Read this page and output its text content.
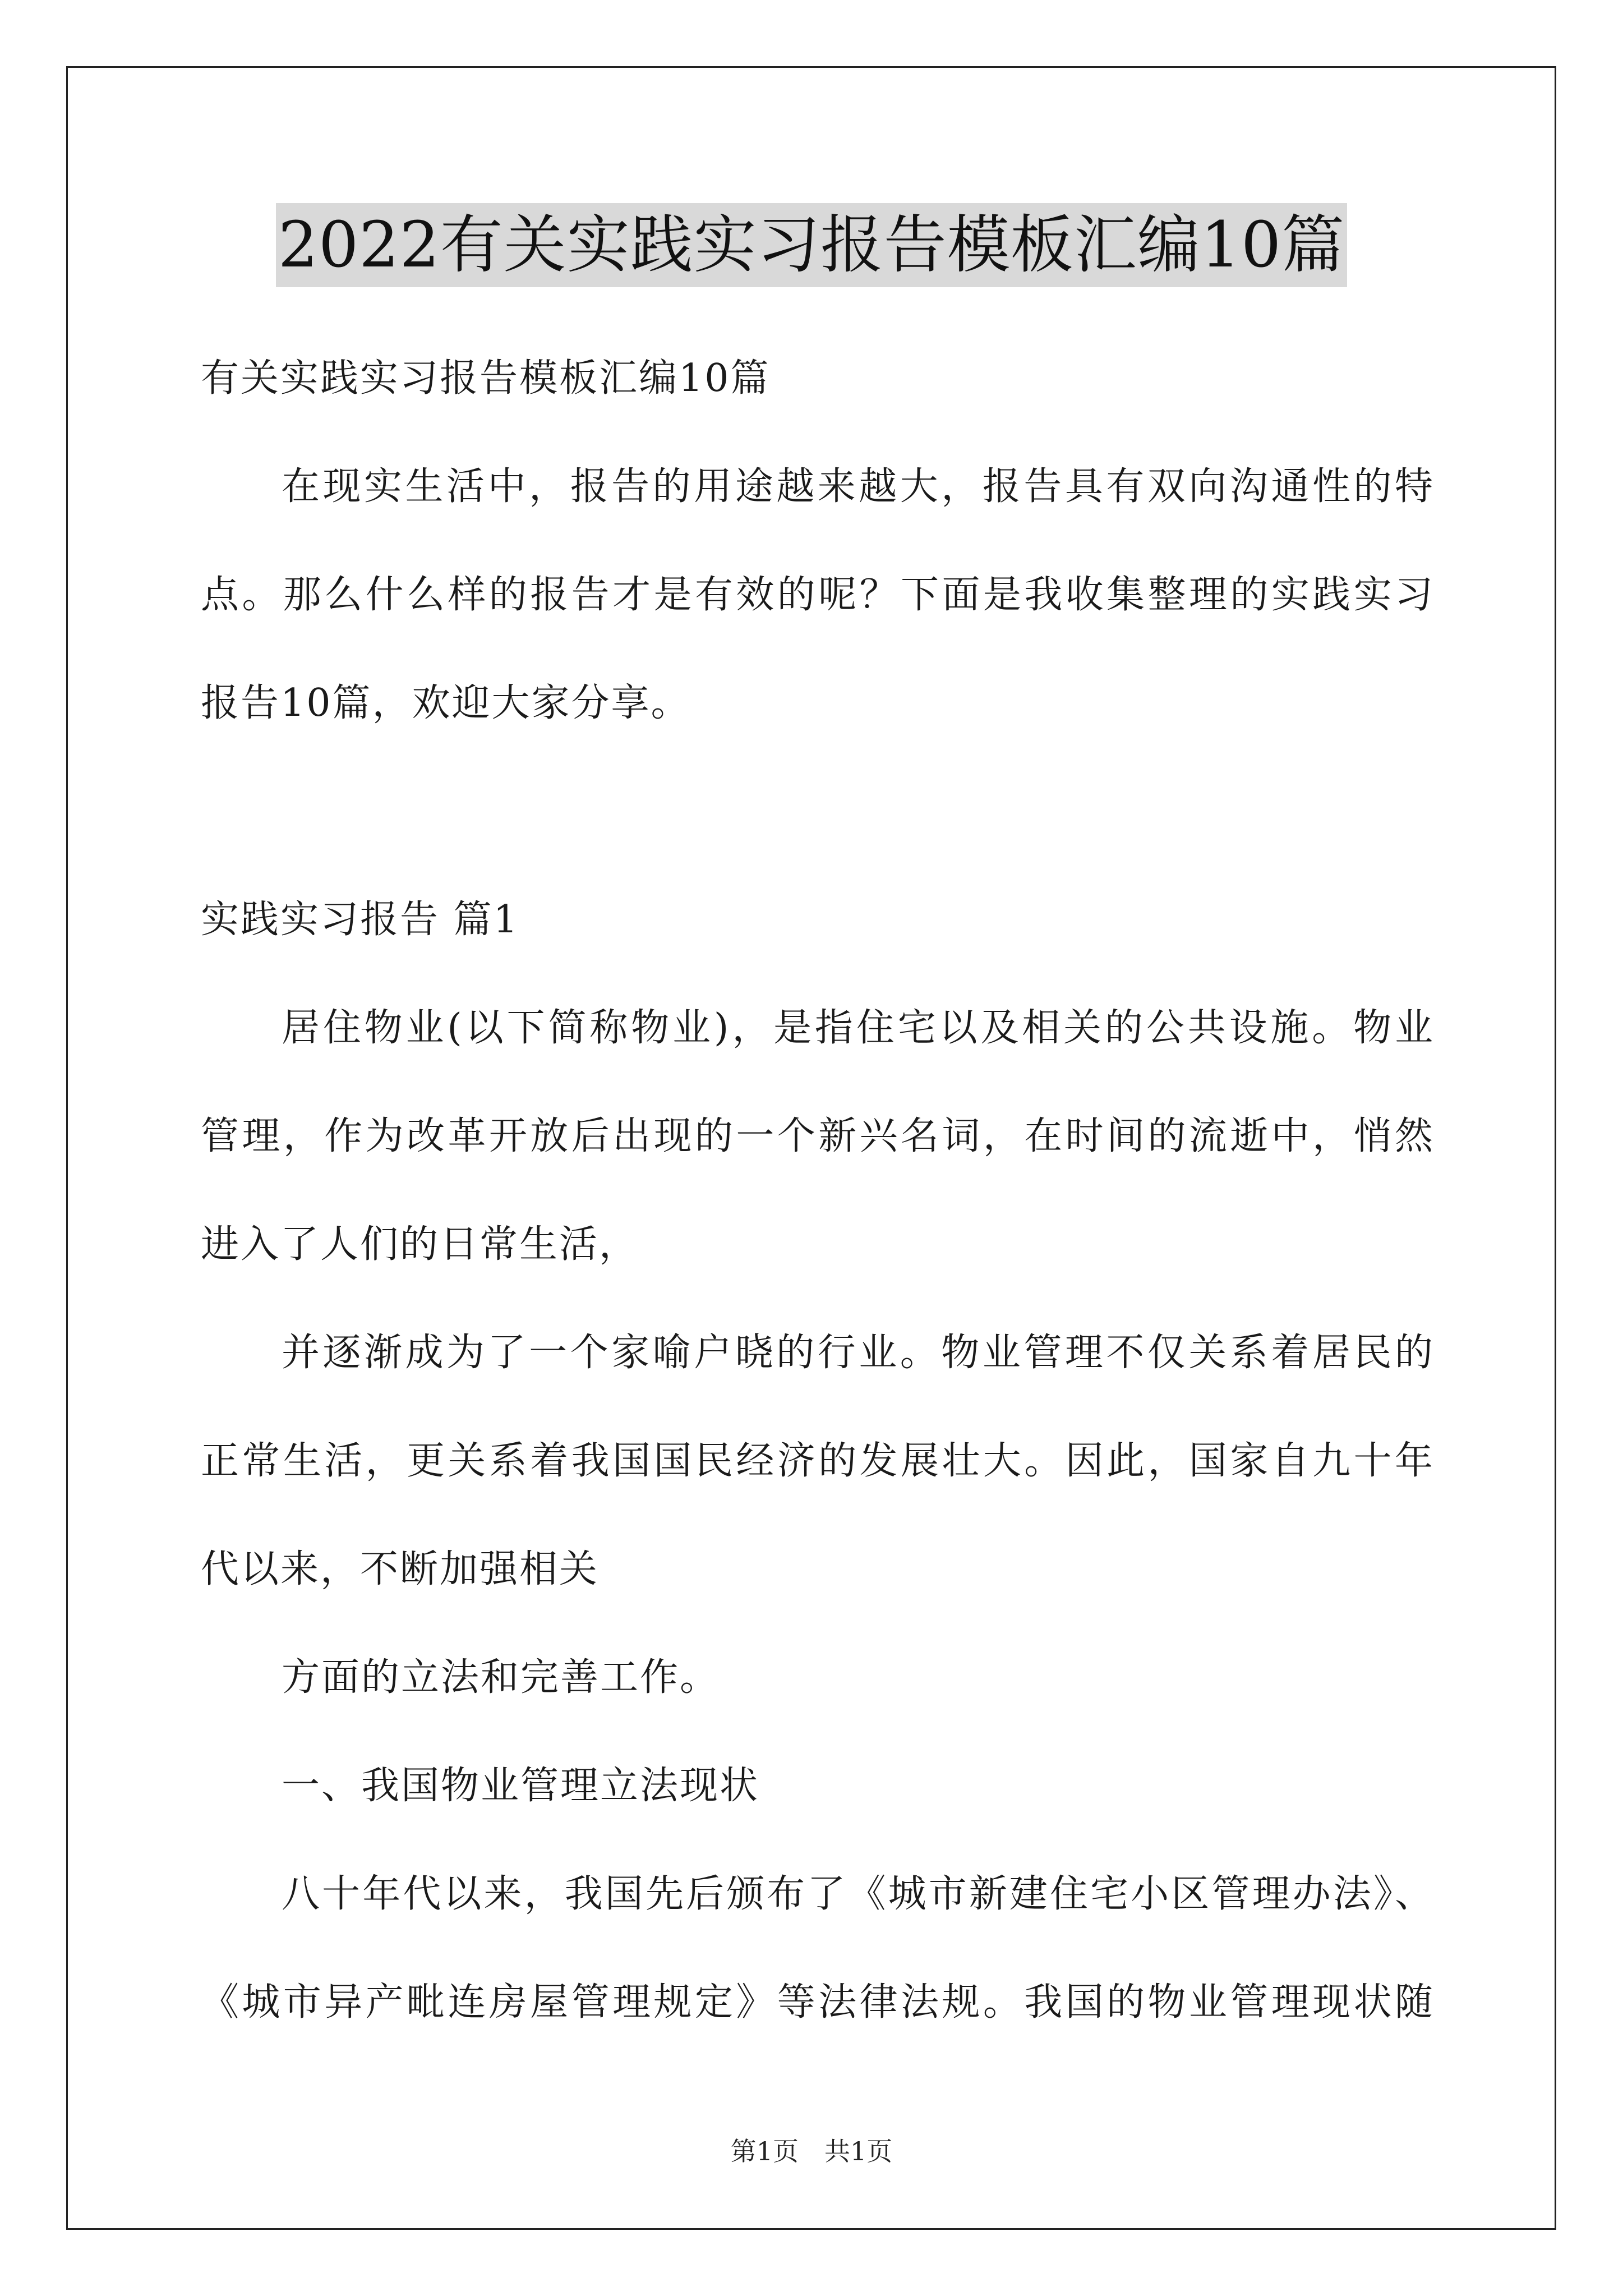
2022有关实践实习报告模板汇编10篇
有关实践实习报告模板汇编10篇
在现实生活中，报告的用途越来越大，报告具有双向沟通性的特
点。那么什么样的报告才是有效的呢？下面是我收集整理的实践实习
报告10篇，欢迎大家分享。
实践实习报告 篇1
居住物业(以下简称物业)，是指住宅以及相关的公共设施。物业
管理，作为改革开放后出现的一个新兴名词，在时间的流逝中，悄然
进入了人们的日常生活，
并逐渐成为了一个家喻户晓的行业。物业管理不仅关系着居民的
正常生活，更关系着我国国民经济的发展壮大。因此，国家自九十年
代以来，不断加强相关
方面的立法和完善工作。
一、我国物业管理立法现状
八十年代以来，我国先后颁布了《城市新建住宅小区管理办法》、
《城市异产毗连房屋管理规定》等法律法规。我国的物业管理现状随
第1页　共1页
